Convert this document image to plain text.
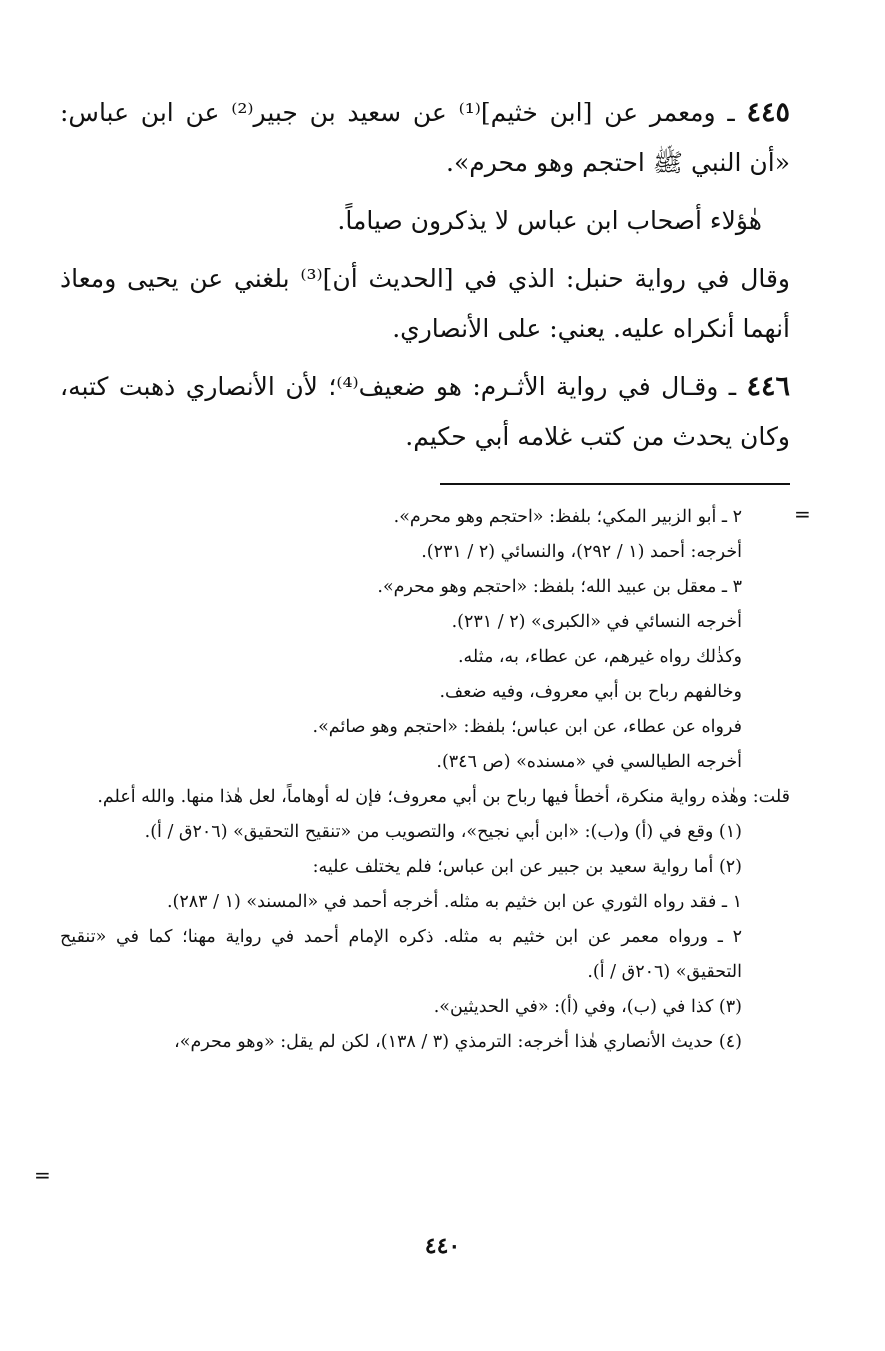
٤٤٥ ـ ومعمر عن [ابن خثيم]⁽¹⁾ عن سعيد بن جبير⁽²⁾ عن ابن عباس: «أن النبي ﷺ احتجم وهو محرم».

هٰؤلاء أصحاب ابن عباس لا يذكرون صياماً.

وقال في رواية حنبل: الذي في [الحديث أن]⁽³⁾ بلغني عن يحيى ومعاذ أنهما أنكراه عليه. يعني: على الأنصاري.

٤٤٦ ـ وقـال في رواية الأثـرم: هو ضعيف⁽⁴⁾؛ لأن الأنصاري ذهبت كتبه، وكان يحدث من كتب غلامه أبي حكيم.

=

٢ ـ أبو الزبير المكي؛ بلفظ: «احتجم وهو محرم».

أخرجه: أحمد (١ / ٢٩٢)، والنسائي (٢ / ٢٣١).

٣ ـ معقل بن عبيد الله؛ بلفظ: «احتجم وهو محرم».

أخرجه النسائي في «الكبرى» (٢ / ٢٣١).

وكذٰلك رواه غيرهم، عن عطاء، به، مثله.

وخالفهم رباح بن أبي معروف، وفيه ضعف.

فرواه عن عطاء، عن ابن عباس؛ بلفظ: «احتجم وهو صائم».

أخرجه الطيالسي في «مسنده» (ص ٣٤٦).

قلت: وهٰذه رواية منكرة، أخطأ فيها رباح بن أبي معروف؛ فإن له أوهاماً، لعل هٰذا منها. والله أعلم.

(١) وقع في (أ) و(ب): «ابن أبي نجيح»، والتصويب من «تنقيح التحقيق» (٢٠٦ق / أ).

(٢) أما رواية سعيد بن جبير عن ابن عباس؛ فلم يختلف عليه:

١ ـ فقد رواه الثوري عن ابن خثيم به مثله. أخرجه أحمد في «المسند» (١ / ٢٨٣).

٢ ـ ورواه معمر عن ابن خثيم به مثله. ذكره الإمام أحمد في رواية مهنا؛ كما في «تنقيح التحقيق» (٢٠٦ق / أ).

(٣) كذا في (ب)، وفي (أ): «في الحديثين».

(٤) حديث الأنصاري هٰذا أخرجه: الترمذي (٣ / ١٣٨)، لكن لم يقل: «وهو محرم»،

=
٤٤٠
